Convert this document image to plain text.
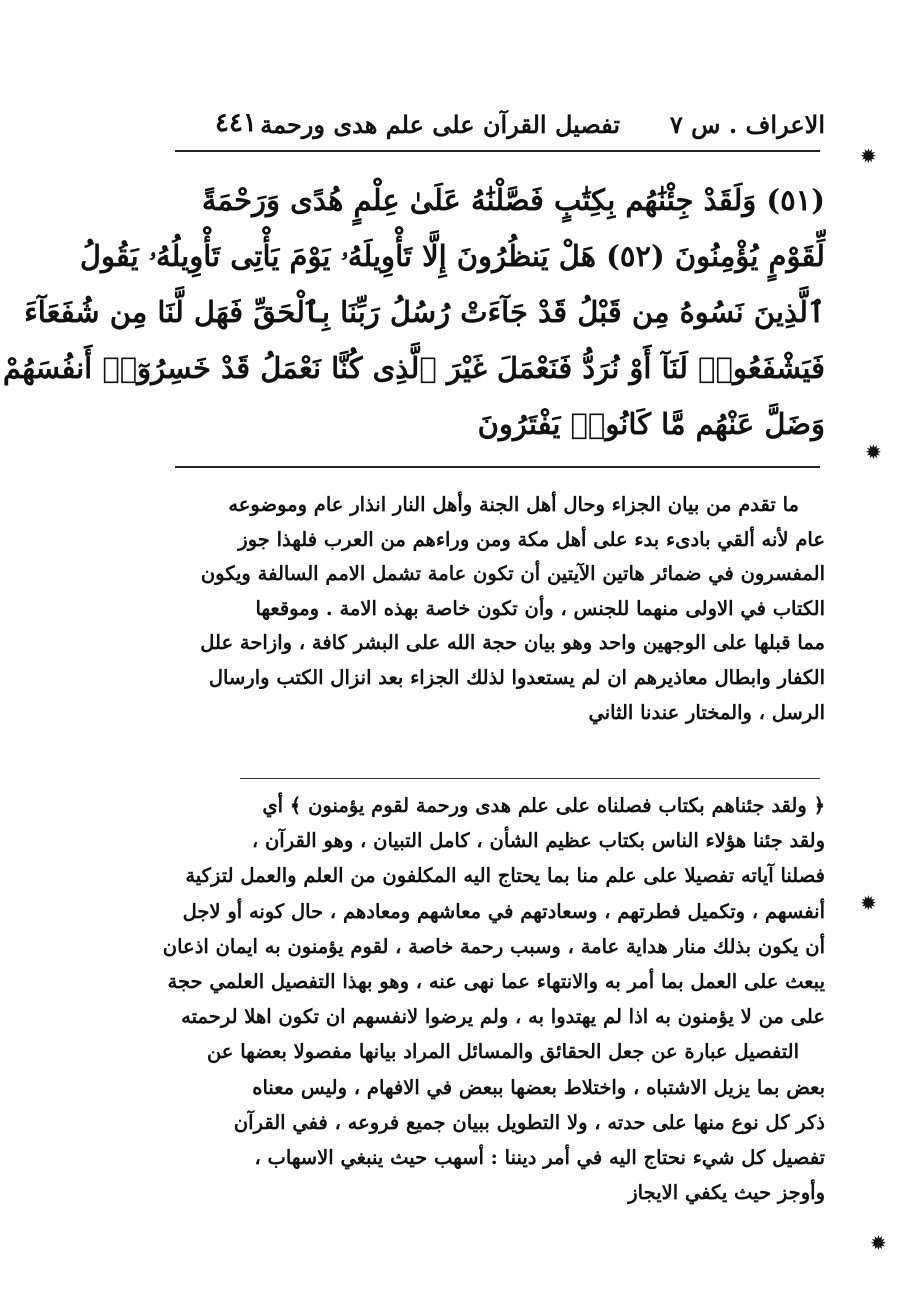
الاعراف . س ٧
تفصيل القرآن على علم هدى ورحمة
٤٤١

(٥١) وَلَقَدْ جِئْنَٰهُم بِكِتَٰبٍ فَصَّلْنَٰهُ عَلَىٰ عِلْمٍ هُدًى وَرَحْمَةً

لِّقَوْمٍ يُؤْمِنُونَ (٥٢) هَلْ يَنظُرُونَ إِلَّا تَأْوِيلَهُۥ يَوْمَ يَأْتِى تَأْوِيلُهُۥ يَقُولُ

ٱلَّذِينَ نَسُوهُ مِن قَبْلُ قَدْ جَآءَتْ رُسُلُ رَبِّنَا بِٱلْحَقِّ فَهَل لَّنَا مِن شُفَعَآءَ

فَيَشْفَعُوا۟ لَنَآ أَوْ نُرَدُّ فَنَعْمَلَ غَيْرَ ٱلَّذِى كُنَّا نَعْمَلُ قَدْ خَسِرُوٓا۟ أَنفُسَهُمْ

وَضَلَّ عَنْهُم مَّا كَانُوا۟ يَفْتَرُونَ

ما تقدم من بيان الجزاء وحال أهل الجنة وأهل النار انذار عام وموضوعه

عام لأنه ألقي بادىء بدء على أهل مكة ومن وراءهم من العرب فلهذا جوز

المفسرون في ضمائر هاتين الآيتين أن تكون عامة تشمل الامم السالفة ويكون

الكتاب في الاولى منهما للجنس ، وأن تكون خاصة بهذه الامة . وموقعها

مما قبلها على الوجهين واحد وهو بيان حجة الله على البشر كافة ، وازاحة علل

الكفار وابطال معاذيرهم ان لم يستعدوا لذلك الجزاء بعد انزال الكتب وارسال

الرسل ، والمختار عندنا الثاني

﴿ ولقد جئناهم بكتاب فصلناه على علم هدى ورحمة لقوم يؤمنون ﴾ أي

ولقد جئنا هؤلاء الناس بكتاب عظيم الشأن ، كامل التبيان ، وهو القرآن ،

فصلنا آياته تفصيلا على علم منا بما يحتاج اليه المكلفون من العلم والعمل لتزكية

أنفسهم ، وتكميل فطرتهم ، وسعادتهم في معاشهم ومعادهم ، حال كونه أو لاجل

أن يكون بذلك منار هداية عامة ، وسبب رحمة خاصة ، لقوم يؤمنون به ايمان اذعان

يبعث على العمل بما أمر به والانتهاء عما نهى عنه ، وهو بهذا التفصيل العلمي حجة

على من لا يؤمنون به اذا لم يهتدوا به ، ولم يرضوا لانفسهم ان تكون اهلا لرحمته

التفصيل عبارة عن جعل الحقائق والمسائل المراد بيانها مفصولا بعضها عن

بعض بما يزيل الاشتباه ، واختلاط بعضها ببعض في الافهام ، وليس معناه

ذكر كل نوع منها على حدته ، ولا التطويل ببيان جميع فروعه ، ففي القرآن

تفصيل كل شيء نحتاج اليه في أمر ديننا : أسهب حيث ينبغي الاسهاب ،

وأوجز حيث يكفي الايجاز
